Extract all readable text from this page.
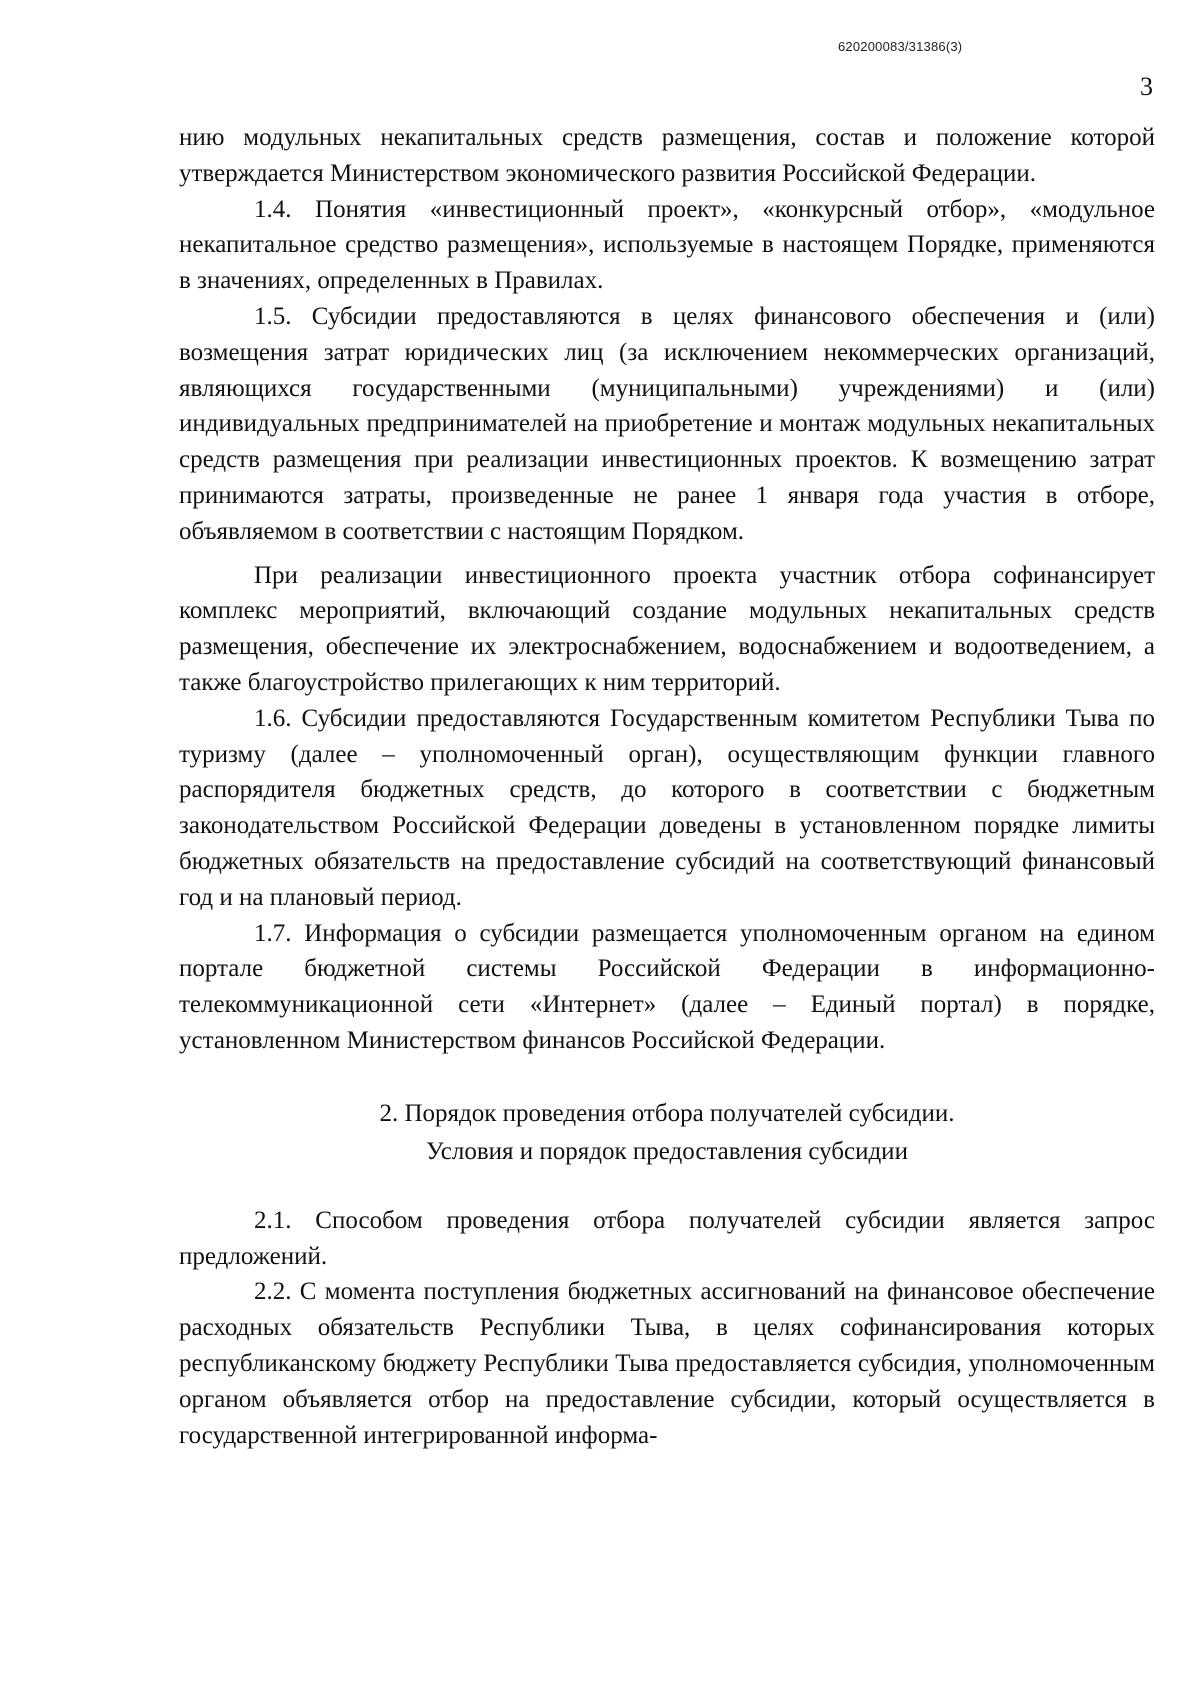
620200083/31386(3)
3

нию модульных некапитальных средств размещения, состав и положение которой утверждается Министерством экономического развития Российской Федерации.

1.4. Понятия «инвестиционный проект», «конкурсный отбор», «модульное некапитальное средство размещения», используемые в настоящем Порядке, применяются в значениях, определенных в Правилах.

1.5. Субсидии предоставляются в целях финансового обеспечения и (или) возмещения затрат юридических лиц (за исключением некоммерческих организаций, являющихся государственными (муниципальными) учреждениями) и (или) индивидуальных предпринимателей на приобретение и монтаж модульных некапитальных средств размещения при реализации инвестиционных проектов. К возмещению затрат принимаются затраты, произведенные не ранее 1 января года участия в отборе, объявляемом в соответствии с настоящим Порядком.

При реализации инвестиционного проекта участник отбора софинансирует комплекс мероприятий, включающий создание модульных некапитальных средств размещения, обеспечение их электроснабжением, водоснабжением и водоотведением, а также благоустройство прилегающих к ним территорий.

1.6. Субсидии предоставляются Государственным комитетом Республики Тыва по туризму (далее – уполномоченный орган), осуществляющим функции главного распорядителя бюджетных средств, до которого в соответствии с бюджетным законодательством Российской Федерации доведены в установленном порядке лимиты бюджетных обязательств на предоставление субсидий на соответствующий финансовый год и на плановый период.

1.7. Информация о субсидии размещается уполномоченным органом на едином портале бюджетной системы Российской Федерации в информационно-телекоммуникационной сети «Интернет» (далее – Единый портал) в порядке, установленном Министерством финансов Российской Федерации.

2. Порядок проведения отбора получателей субсидии.
Условия и порядок предоставления субсидии

2.1. Способом проведения отбора получателей субсидии является запрос предложений.

2.2. С момента поступления бюджетных ассигнований на финансовое обеспечение расходных обязательств Республики Тыва, в целях софинансирования которых республиканскому бюджету Республики Тыва предоставляется субсидия, уполномоченным органом объявляется отбор на предоставление субсидии, который осуществляется в государственной интегрированной информа-
